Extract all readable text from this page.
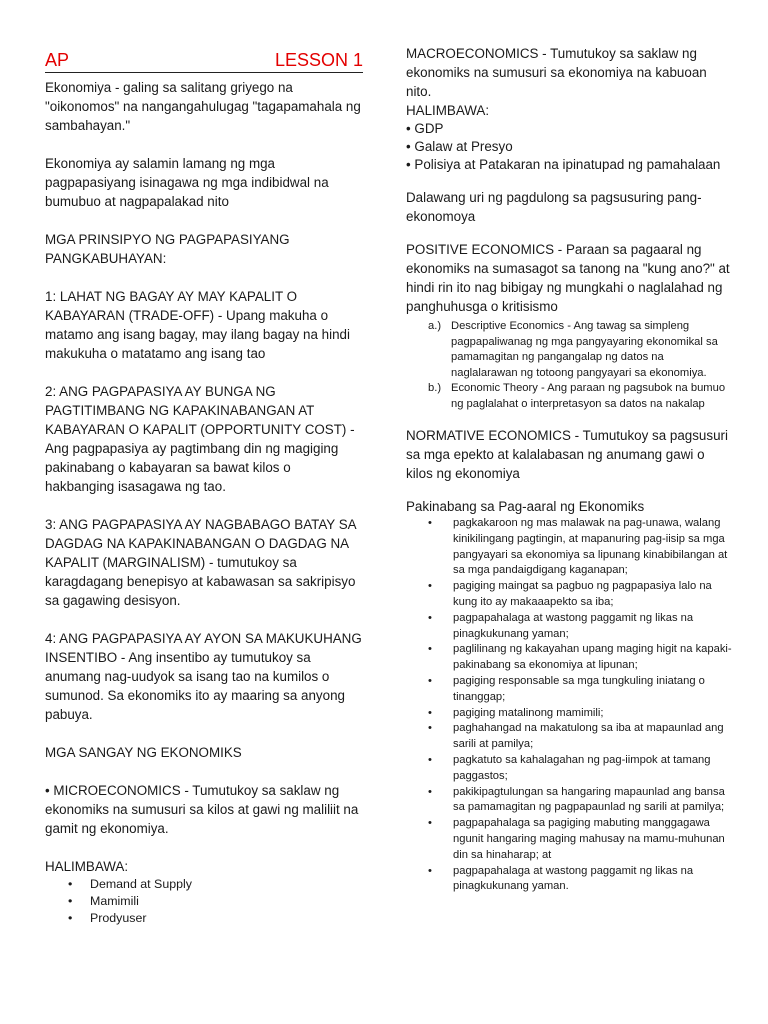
AP	LESSON 1

Ekonomiya - galing sa salitang griyego na "oikonomos" na nangangahulugag "tagapamahala ng sambahayan."

Ekonomiya ay salamin lamang ng mga pagpapasiyang isinagawa ng mga indibidwal na bumubuo at nagpapalakad nito

MGA PRINSIPYO NG PAGPAPASIYANG PANGKABUHAYAN:

1: LAHAT NG BAGAY AY MAY KAPALIT O KABAYARAN (TRADE-OFF) - Upang makuha o matamo ang isang bagay, may ilang bagay na hindi makukuha o matatamo ang isang tao

2: ANG PAGPAPASIYA AY BUNGA NG PAGTITIMBANG NG KAPAKINABANGAN AT KABAYARAN O KAPALIT (OPPORTUNITY COST) - Ang pagpapasiya ay pagtimbang din ng magiging pakinabang o kabayaran sa bawat kilos o hakbanging isasagawa ng tao.

3: ANG PAGPAPASIYA AY NAGBABAGO BATAY SA DAGDAG NA KAPAKINABANGAN O DAGDAG NA KAPALIT (MARGINALISM) - tumutukoy sa karagdagang benepisyo at kabawasan sa sakripisyo sa gagawing desisyon.

4: ANG PAGPAPASIYA AY AYON SA MAKUKUHANG INSENTIBO - Ang insentibo ay tumutukoy sa anumang nag-uudyok sa isang tao na kumilos o sumunod. Sa ekonomiks ito ay maaring sa anyong pabuya.

MGA SANGAY NG EKONOMIKS

• MICROECONOMICS - Tumutukoy sa saklaw ng ekonomiks na sumusuri sa kilos at gawi ng maliliit na gamit ng ekonomiya.

HALIMBAWA:

• Demand at Supply
• Mamimili
• Prodyuser

MACROECONOMICS - Tumutukoy sa saklaw ng ekonomiks na sumusuri sa ekonomiya na kabuoan nito.

HALIMBAWA:

• GDP
• Galaw at Presyo
• Polisiya at Patakaran na ipinatupad ng pamahalaan

Dalawang uri ng pagdulong sa pagsusuring pang-ekonomoya

POSITIVE ECONOMICS - Paraan sa pagaaral ng ekonomiks na sumasagot sa tanong na "kung ano?" at hindi rin ito nag bibigay ng mungkahi o naglalahad ng panghuhusga o kritisismo

a.) Descriptive Economics - Ang tawag sa simpleng pagpapaliwanag ng mga pangyayaring ekonomikal sa pamamagitan ng pangangalap ng datos na naglalarawan ng totoong pangyayari sa ekonomiya.
b.) Economic Theory - Ang paraan ng pagsubok na bumuo ng paglalahat o interpretasyon sa datos na nakalap

NORMATIVE ECONOMICS - Tumutukoy sa pagsusuri sa mga epekto at kalalabasan ng anumang gawi o kilos ng ekonomiya

Pakinabang sa Pag-aaral ng Ekonomiks

• pagkakaroon ng mas malawak na pag-unawa, walang kinikilingang pagtingin, at mapanuring pag-iisip sa mga pangyayari sa ekonomiya sa lipunang kinabibilangan at sa mga pandaigdigang kaganapan;
• pagiging maingat sa pagbuo ng pagpapasiya lalo na kung ito ay makaaapekto sa iba;
• pagpapahalaga at wastong paggamit ng likas na pinagkukunang yaman;
• paglilinang ng kakayahan upang maging higit na kapaki-pakinabang sa ekonomiya at lipunan;
• pagiging responsable sa mga tungkuling iniatang o tinanggap;
• pagiging matalinong mamimili;
• paghahangad na makatulong sa iba at mapaunlad ang sarili at pamilya;
• pagkatuto sa kahalagahan ng pag-iimpok at tamang paggastos;
• pakikipagtulungan sa hangaring mapaunlad ang bansa sa pamamagitan ng pagpapaunlad ng sarili at pamilya;
• pagpapahalaga sa pagiging mabuting manggagawa ngunit hangaring maging mahusay na mamu-muhunan din sa hinaharap; at
• pagpapahalaga at wastong paggamit ng likas na pinagkukunang yaman.
